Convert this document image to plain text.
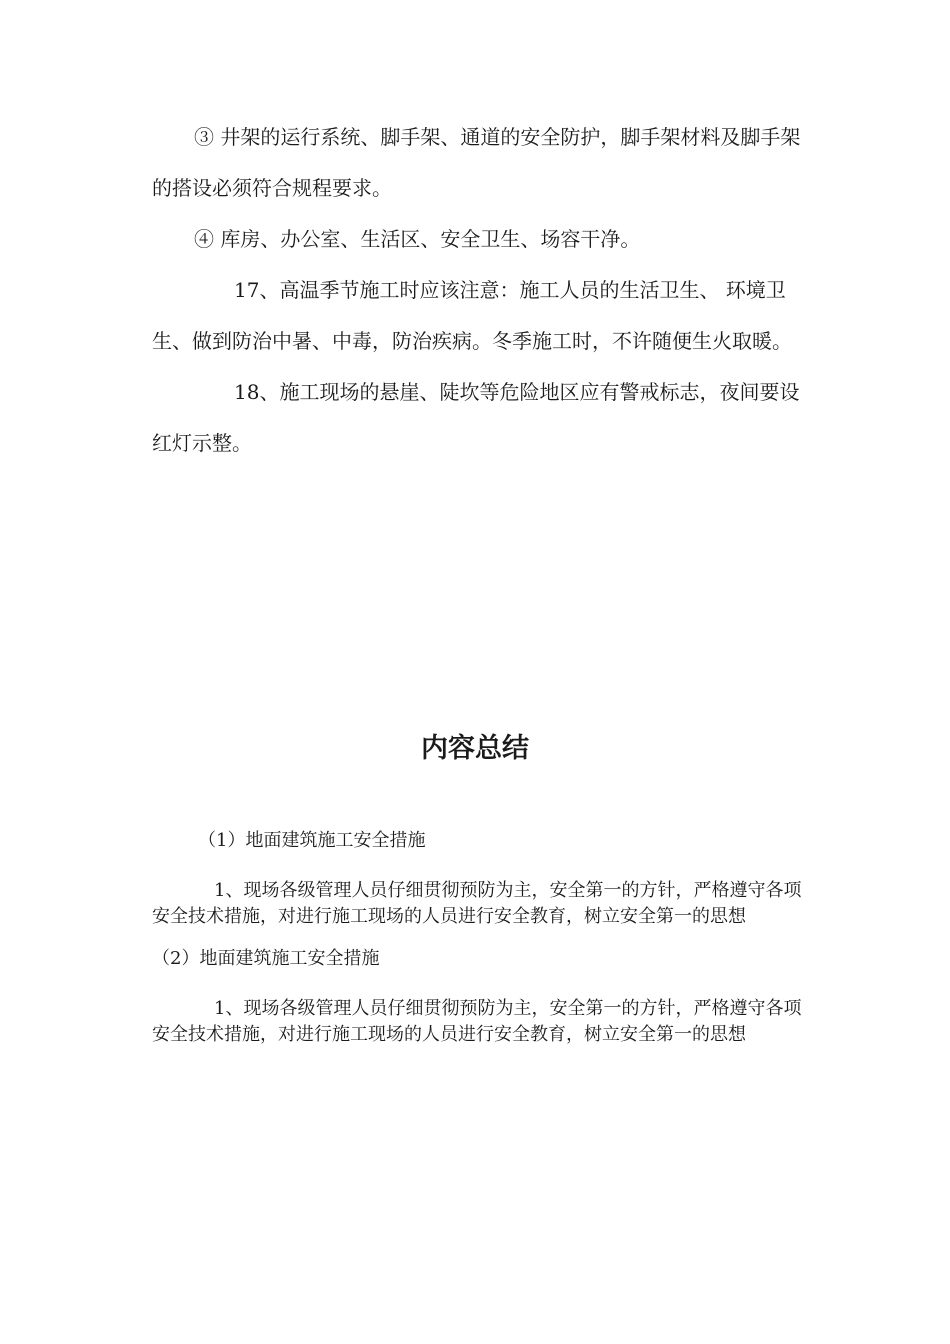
③ 井架的运行系统、脚手架、通道的安全防护，脚手架材料及脚手架的搭设必须符合规程要求。

④ 库房、办公室、生活区、安全卫生、场容干净。

17、高温季节施工时应该注意：施工人员的生活卫生、 环境卫生、做到防治中暑、中毒，防治疾病。冬季施工时，不许随便生火取暖。

18、施工现场的悬崖、陡坎等危险地区应有警戒标志，夜间要设红灯示整。

内容总结

（1）地面建筑施工安全措施

1、现场各级管理人员仔细贯彻预防为主，安全第一的方针，严格遵守各项安全技术措施，对进行施工现场的人员进行安全教育，树立安全第一的思想

（2）地面建筑施工安全措施

1、现场各级管理人员仔细贯彻预防为主，安全第一的方针，严格遵守各项安全技术措施，对进行施工现场的人员进行安全教育，树立安全第一的思想
